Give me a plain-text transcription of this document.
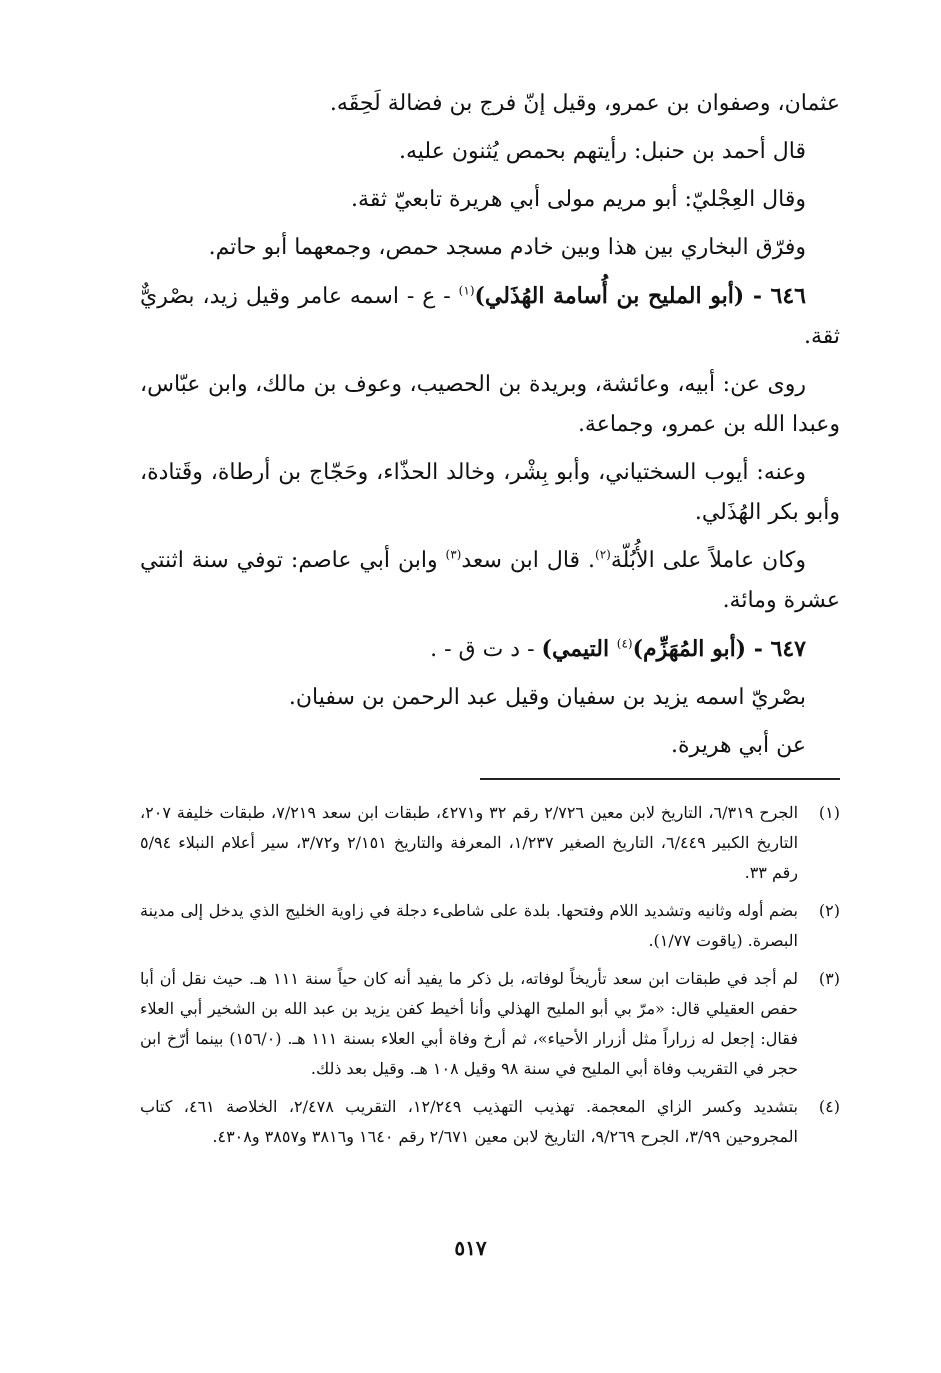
عثمان، وصفوان بن عمرو، وقيل إنّ فرج بن فضالة لَحِقَه.

قال أحمد بن حنبل: رأيتهم بحمص يُثنون عليه.

وقال العِجْليّ: أبو مريم مولى أبي هريرة تابعيّ ثقة.

وفرّق البخاري بين هذا وبين خادم مسجد حمص، وجمعهما أبو حاتم.

٦٤٦ - (أبو المليح بن أُسامة الهُذَلي)$^{(١)}$ - ع - اسمه عامر وقيل زيد، بصْريٌّ ثقة.

روى عن: أبيه، وعائشة، وبريدة بن الحصيب، وعوف بن مالك، وابن عبّاس، وعبدا الله بن عمرو، وجماعة.

وعنه: أيوب السختياني، وأبو بِشْر، وخالد الحذّاء، وحَجّاج بن أرطاة، وقَتادة، وأبو بكر الهُذَلي.

وكان عاملاً على الأُبُلّة$^{(٢)}$. قال ابن سعد$^{(٣)}$ وابن أبي عاصم: توفي سنة اثنتي عشرة ومائة.

٦٤٧ - (أبو المُهَزِّم)$^{(٤)}$ التيمي) - د ت ق - .

بصْريّ اسمه يزيد بن سفيان وقيل عبد الرحمن بن سفيان.

عن أبي هريرة.

(١)
الجرح ٦/٣١٩، التاريخ لابن معين ٢/٧٢٦ رقم ٣٢ و٤٢٧١، طبقات ابن سعد ٧/٢١٩، طبقات خليفة ٢٠٧، التاريخ الكبير ٦/٤٤٩، التاريخ الصغير ١/٢٣٧، المعرفة والتاريخ ٢/١٥١ و٣/٧٢، سير أعلام النبلاء ٥/٩٤ رقم ٣٣.

(٢)
بضم أوله وثانيه وتشديد اللام وفتحها. بلدة على شاطىء دجلة في زاوية الخليج الذي يدخل إلى مدينة البصرة. (ياقوت ١/٧٧).

(٣)
لم أجد في طبقات ابن سعد تأريخاً لوفاته، بل ذكر ما يفيد أنه كان حياً سنة ١١١ هـ. حيث نقل أن أبا حفص العقيلي قال: «مرّ بي أبو المليح الهذلي وأنا أخيط كفن يزيد بن عبد الله بن الشخير أبي العلاء فقال: إجعل له زراراً مثل أزرار الأحياء»، ثم أرخ وفاة أبي العلاء بسنة ١١١ هـ. (١٥٦/٠) بينما أرّخ ابن حجر في التقريب وفاة أبي المليح في سنة ٩٨ وقيل ١٠٨ هـ. وقيل بعد ذلك.

(٤)
بتشديد وكسر الزاي المعجمة. تهذيب التهذيب ١٢/٢٤٩، التقريب ٢/٤٧٨، الخلاصة ٤٦١، كتاب المجروحين ٣/٩٩، الجرح ٩/٢٦٩، التاريخ لابن معين ٢/٦٧١ رقم ١٦٤٠ و٣٨١٦ و٣٨٥٧ و٤٣٠٨.

٥١٧
